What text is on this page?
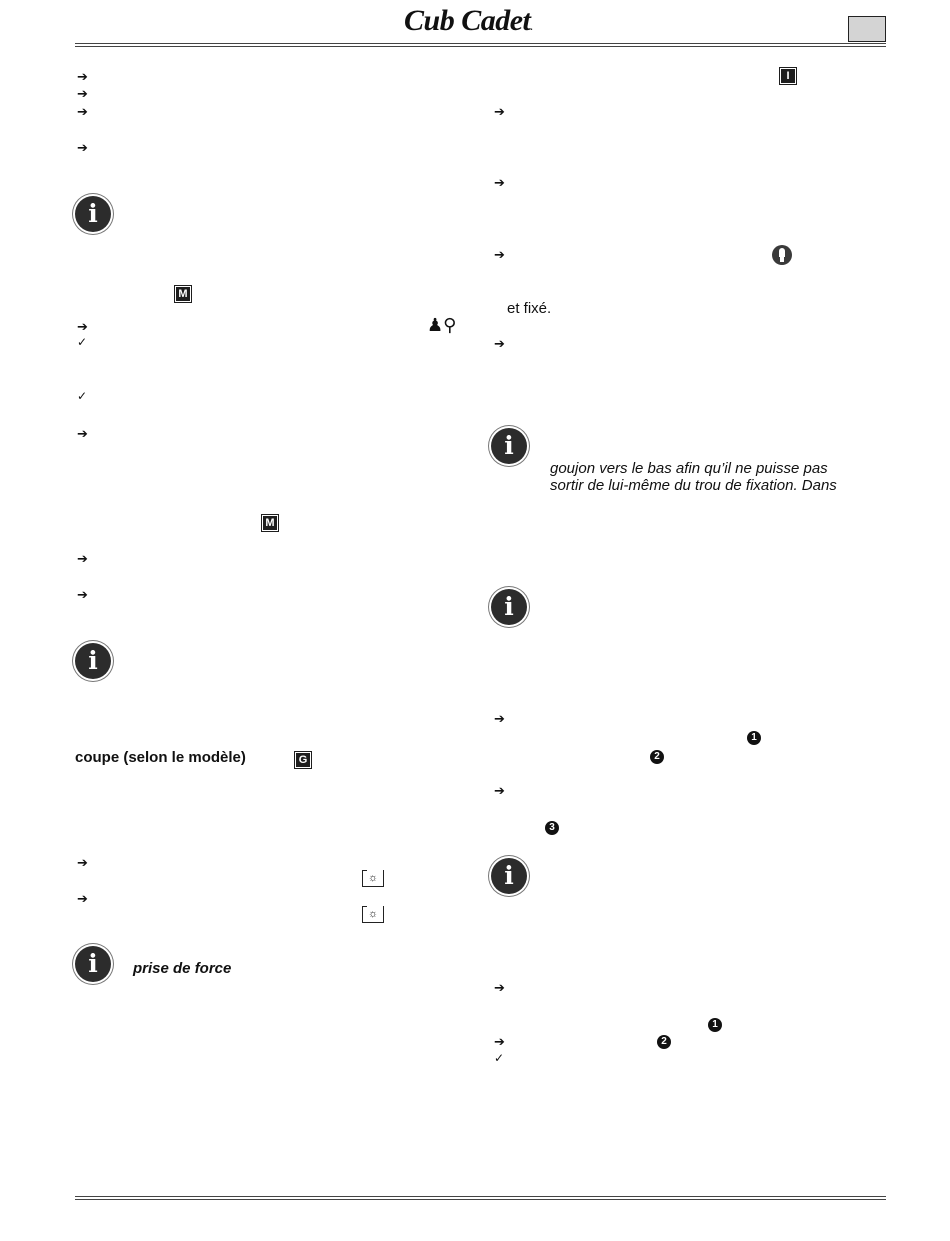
Cub Cadet.
➔
➔
➔
➔
i
M
➔	♟⚲
✓
✓
➔
M
➔
➔
i
coupe (selon le modèle)	G
➔
☼
➔
☼
i	prise de force
I
➔
➔
➔
et fixé.
➔
i
goujon vers le bas afin qu’il ne puisse pas
sortir de lui-même du trou de fixation. Dans
i
➔
1
2
➔
3
i
➔
1
➔	2
✓
